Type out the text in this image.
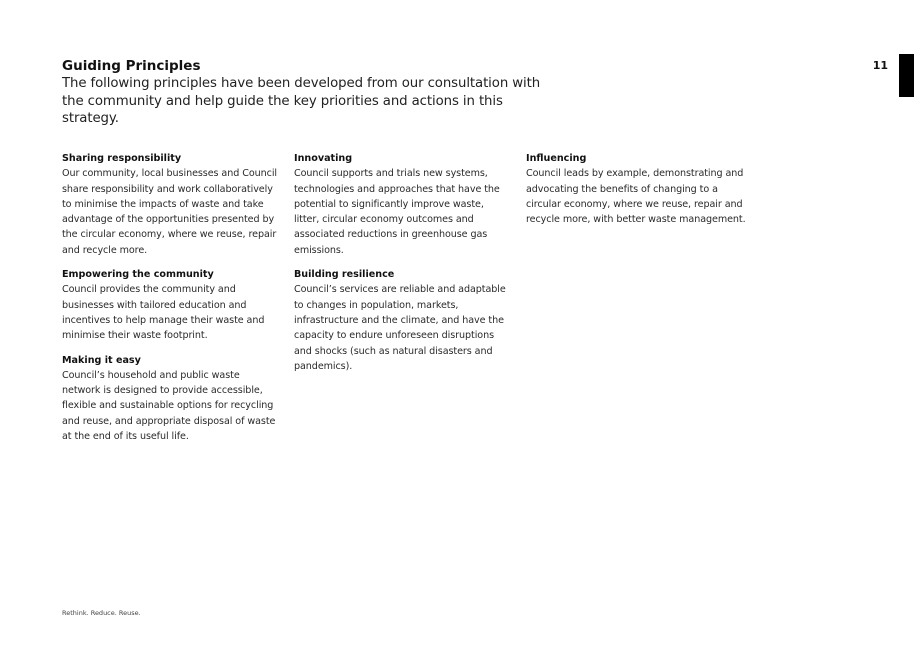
Guiding Principles
The following principles have been developed from our consultation with the community and help guide the key priorities and actions in this strategy.
11
Sharing responsibility
Our community, local businesses and Council share responsibility and work collaboratively to minimise the impacts of waste and take advantage of the opportunities presented by the circular economy, where we reuse, repair and recycle more.
Empowering the community
Council provides the community and businesses with tailored education and incentives to help manage their waste and minimise their waste footprint.
Making it easy
Council’s household and public waste network is designed to provide accessible, flexible and sustainable options for recycling and reuse, and appropriate disposal of waste at the end of its useful life.
Innovating
Council supports and trials new systems, technologies and approaches that have the potential to significantly improve waste, litter, circular economy outcomes and associated reductions in greenhouse gas emissions.
Building resilience
Council’s services are reliable and adaptable to changes in population, markets, infrastructure and the climate, and have the capacity to endure unforeseen disruptions and shocks (such as natural disasters and pandemics).
Influencing
Council leads by example, demonstrating and advocating the benefits of changing to a circular economy, where we reuse, repair and recycle more, with better waste management.
Rethink. Reduce. Reuse.
